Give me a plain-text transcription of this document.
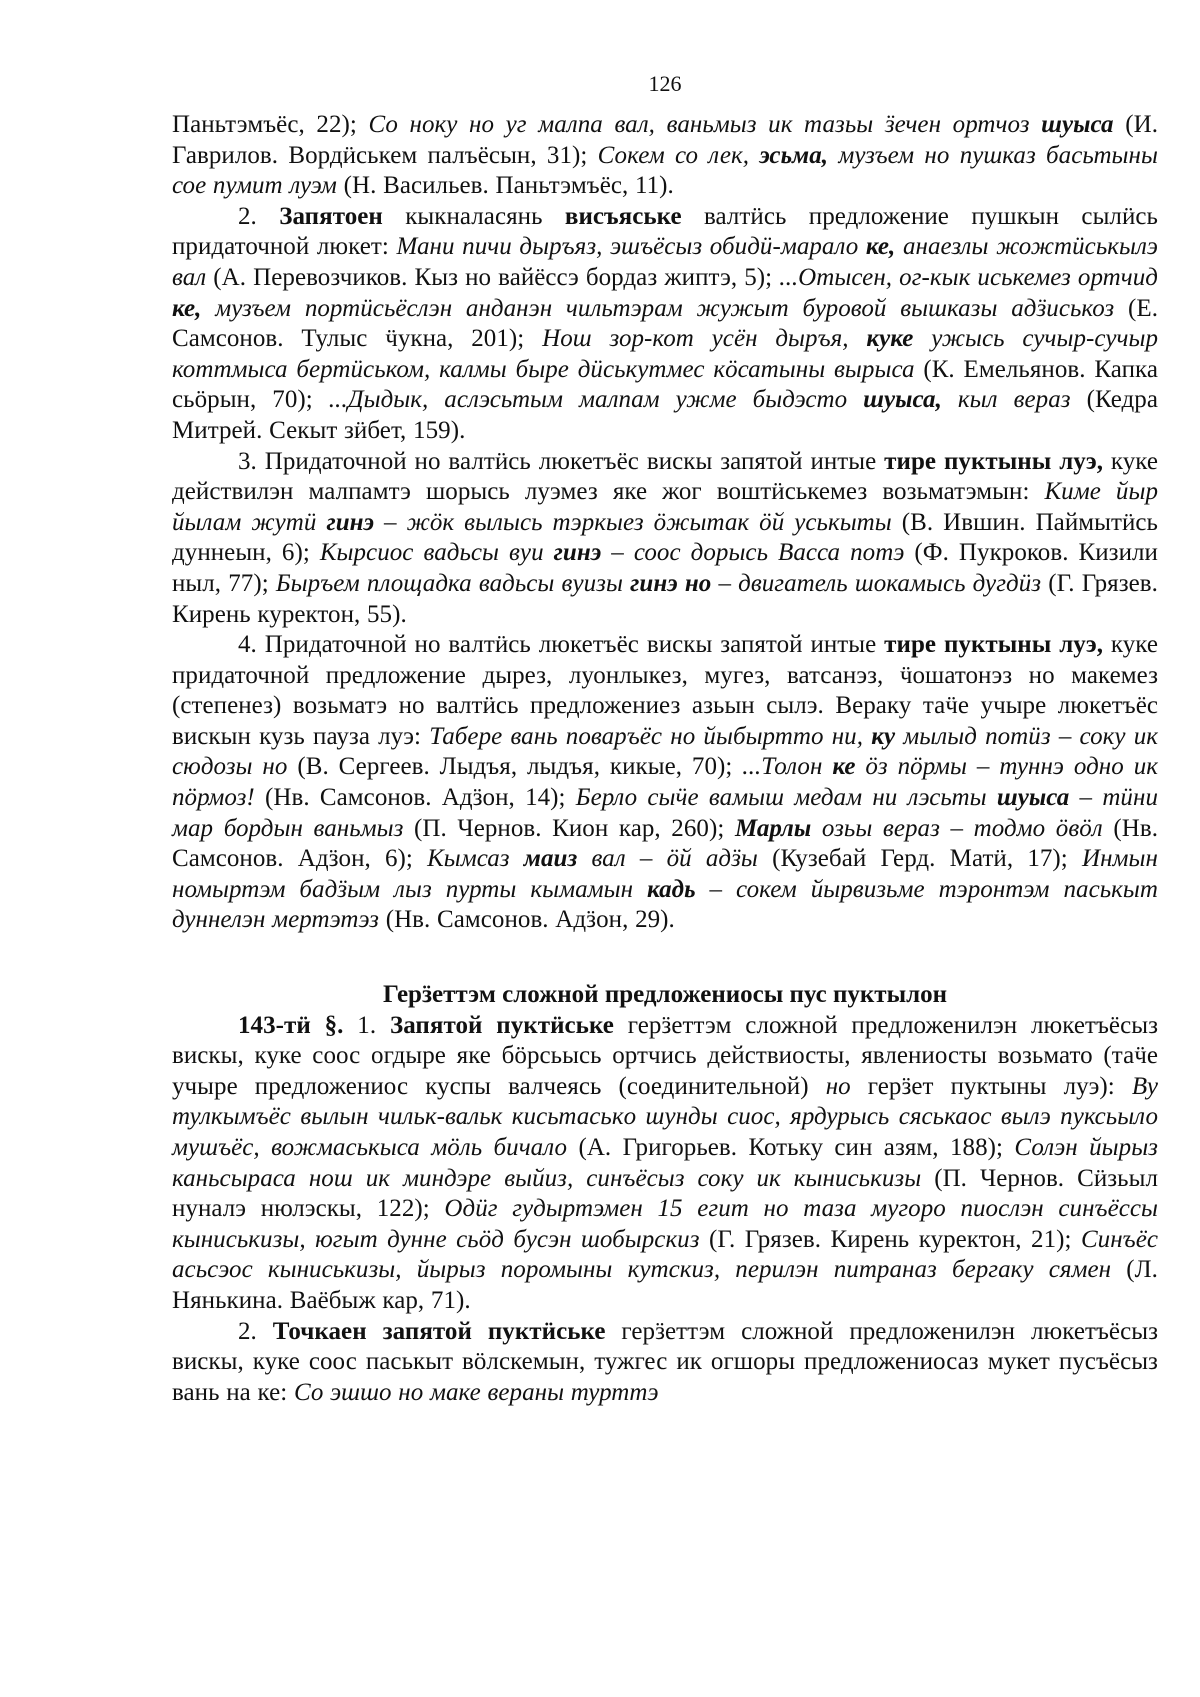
126

Паньтэмъёс, 22); Со ноку но уг малпа вал, ваньмыз ик тазьы ӟечен ортчоз шуыса (И. Гаврилов. Вордӥськем палъёсын, 31); Сокем со лек, эсьма, музъем но пушказ басьтыны сое пумит луэм (Н. Васильев. Паньтэмъёс, 11).

2. Запятоен кыкналасянь висъяське валтӥсь предложение пушкын сылӥсь придаточной люкет: Мани пичи дыръяз, эшъёсыз обидӥ-марало ке, анаезлы жожтӥськылэ вал (А. Перевозчиков. Кыз но вайёссэ бордаз жиптэ, 5); ...Отысен, ог-кык иськемез ортчид ке, музъем портӥсьёслэн анданэн чильтэрам жужыт буровой вышказы адӟиськоз (Е. Самсонов. Тулыс ӵукна, 201); Нош зор-кот усён дыръя, куке ужысь сучыр-сучыр коттмыса бертӥськом, калмы быре дӥськутмес кӧсатыны вырыса (К. Емельянов. Капка сьӧрын, 70); ...Дыдык, аслэсьтым малпам ужме быдэсто шуыса, кыл вераз (Кедра Митрей. Секыт зӥбет, 159).

3. Придаточной но валтӥсь люкетъёс вискы запятой интые тире пуктыны луэ, куке действилэн малпамтэ шорысь луэмез яке жог воштӥськемез возьматэмын: Киме йыр йылам жутӥ гинэ – жӧк вылысь тэркыез ӧжытак ӧй уськыты (В. Ившин. Паймытӥсь дуннеын, 6); Кырсиос вадьсы вуи гинэ – соос дорысь Васса потэ (Ф. Пукроков. Кизили ныл, 77); Быръем площадка вадьсы вуизы гинэ но – двигатель шокамысь дугдӥз (Г. Грязев. Кирень куректон, 55).

4. Придаточной но валтӥсь люкетъёс вискы запятой интые тире пуктыны луэ, куке придаточной предложение дырез, луонлыкез, мугез, ватсанэз, ӵошатонэз но макемез (степенез) возьматэ но валтӥсь предложениез азьын сылэ. Вераку таӵе учыре люкетъёс вискын кузь пауза луэ: Табере вань поваръёс но йыбыртто ни, ку мылыд потӥз – соку ик сюдозы но (В. Сергеев. Лыдъя, лыдъя, кикые, 70); ...Толон ке ӧз пӧрмы – туннэ одно ик пӧрмоз! (Нв. Самсонов. Адӟон, 14); Берло сыӵе вамыш медам ни лэсьты шуыса – тӥни мар бордын ваньмыз (П. Чернов. Кион кар, 260); Марлы озьы вераз – тодмо ӧвӧл (Нв. Самсонов. Адӟон, 6); Кымсаз маиз вал – ӧй адӟы (Кузебай Герд. Матӥ, 17); Инмын номыртэм бадӟым лыз пурты кымамын кадь – сокем йырвизьме тэронтэм паськыт дуннелэн мертэтэз (Нв. Самсонов. Адӟон, 29).

Герӟеттэм сложной предложениосы пус пуктылон

143-тӥ §. 1. Запятой пуктӥське герӟеттэм сложной предложенилэн люкетъёсыз вискы, куке соос огдыре яке бӧрсьысь ортчись действиосты, явлениосты возьмато (таӵе учыре предложениос куспы валчеясь (соединительной) но герӟет пуктыны луэ): Ву тулкымъёс вылын чильк-вальк кисьтаськo шунды сиос, ярдурысь сяськаос вылэ пуксьыло мушъёс, вожмаськыса мӧль бичало (А. Григорьев. Котьку син азям, 188); Солэн йырыз каньсыраса нош ик миндэре выйиз, синъёсыз соку ик кыниськизы (П. Чернов. Сӥзьыл нуналэ нюлэскы, 122); Одӥг гудыртэмен 15 егит но таза мугоро пиослэн синъёссы кыниськизы, югыт дунне сьӧд бусэн шобырскиз (Г. Грязев. Кирень куректон, 21); Синъёс асьсэос кыниськизы, йырыз поромыны кутскиз, перилэн питраназ бергаку сямен (Л. Нянькина. Ваёбыж кар, 71).

2. Точкаен запятой пуктӥське герӟеттэм сложной предложенилэн люкетъёсыз вискы, куке соос паськыт вӧлскемын, тужгес ик огшоры предложениосаз мукет пусъёсыз вань на ке: Со эшшо но маке вераны турттэ
